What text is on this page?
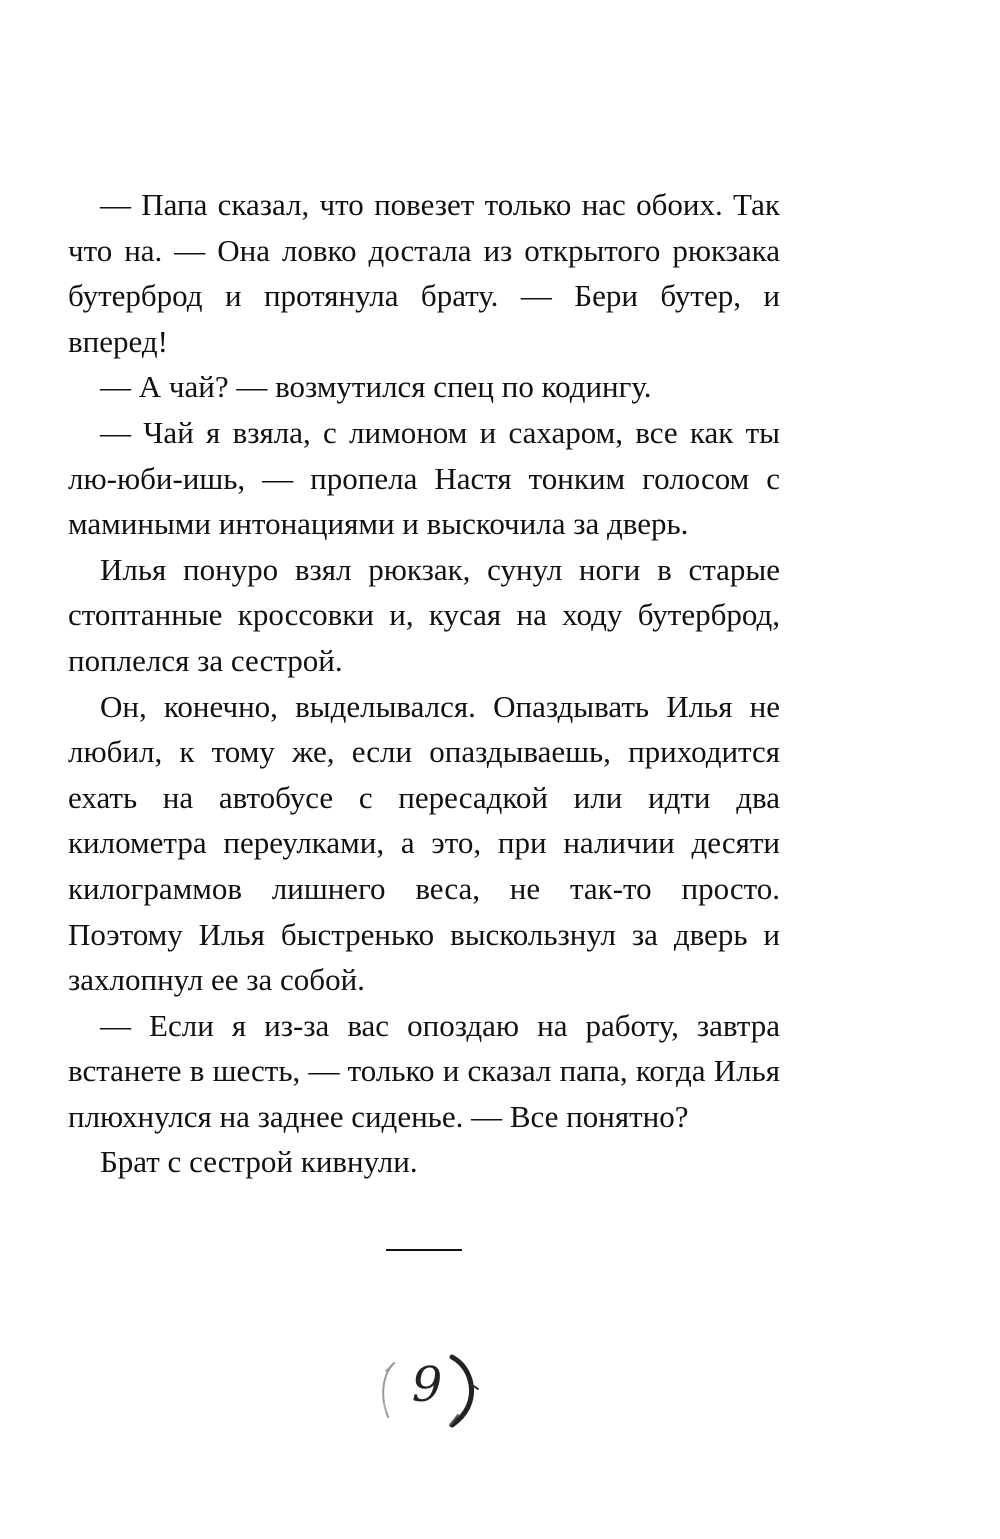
— Папа сказал, что повезет только нас обоих. Так что на. — Она ловко достала из открытого рюкзака бутерброд и протянула брату. — Бери бутер, и вперед!

— А чай? — возмутился спец по кодингу.

— Чай я взяла, с лимоном и сахаром, все как ты лю-юби-ишь, — пропела Настя тонким голосом с мамиными интонациями и выскочила за дверь.

Илья понуро взял рюкзак, сунул ноги в старые стоптанные кроссовки и, кусая на ходу бутерброд, поплелся за сестрой.

Он, конечно, выделывался. Опаздывать Илья не любил, к тому же, если опаздываешь, приходится ехать на автобусе с пересадкой или идти два километра переулками, а это, при наличии десяти килограммов лишнего веса, не так-то просто. Поэтому Илья быстренько выскользнул за дверь и захлопнул ее за собой.

— Если я из-за вас опоздаю на работу, завтра встанете в шесть, — только и сказал папа, когда Илья плюхнулся на заднее сиденье. — Все понятно?

Брат с сестрой кивнули.

9
